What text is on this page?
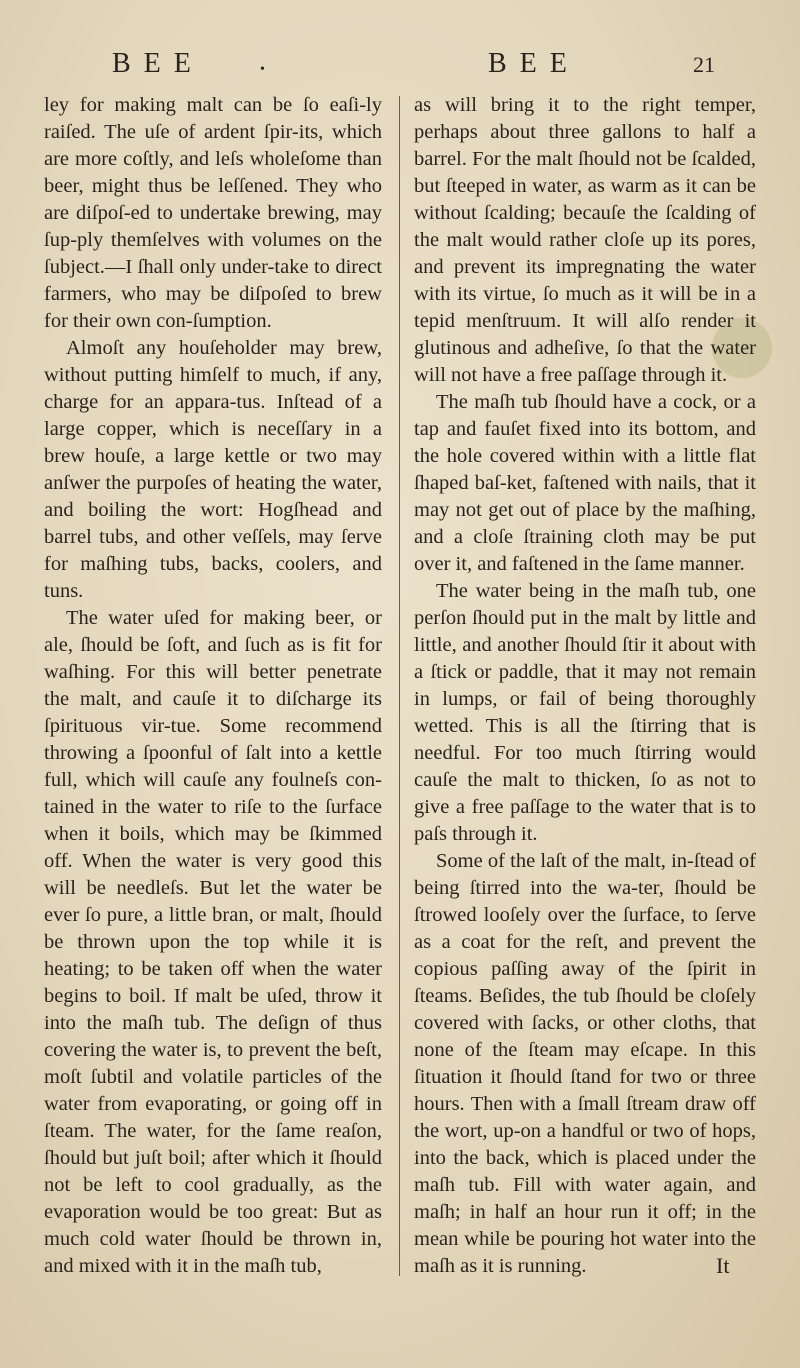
B E E	•	B E E	21

ley for making malt can be ſo eaſi-ly raiſed. The uſe of ardent ſpir-its, which are more coſtly, and leſs wholeſome than beer, might thus be leſſened. They who are diſpoſ-ed to undertake brewing, may ſup-ply themſelves with volumes on the ſubject.—I ſhall only under-take to direct farmers, who may be diſpoſed to brew for their own con-ſumption.

Almoſt any houſeholder may brew, without putting himſelf to much, if any, charge for an appara-tus. Inſtead of a large copper, which is neceſſary in a brew houſe, a large kettle or two may anſwer the purpoſes of heating the water, and boiling the wort: Hogſhead and barrel tubs, and other veſſels, may ſerve for maſhing tubs, backs, coolers, and tuns.

The water uſed for making beer, or ale, ſhould be ſoft, and ſuch as is fit for waſhing. For this will better penetrate the malt, and cauſe it to diſcharge its ſpirituous vir-tue. Some recommend throwing a ſpoonful of ſalt into a kettle full, which will cauſe any foulneſs con-tained in the water to riſe to the ſurface when it boils, which may be ſkimmed off. When the water is very good this will be needleſs. But let the water be ever ſo pure, a little bran, or malt, ſhould be thrown upon the top while it is heating; to be taken off when the water begins to boil. If malt be uſed, throw it into the maſh tub. The deſign of thus covering the water is, to prevent the beſt, moſt ſubtil and volatile particles of the water from evaporating, or going off in ſteam. The water, for the ſame reaſon, ſhould but juſt boil; after which it ſhould not be left to cool gradually, as the evaporation would be too great: But as much cold water ſhould be thrown in, and mixed with it in the maſh tub,

as will bring it to the right temper, perhaps about three gallons to half a barrel. For the malt ſhould not be ſcalded, but ſteeped in water, as warm as it can be without ſcalding; becauſe the ſcalding of the malt would rather cloſe up its pores, and prevent its impregnating the water with its virtue, ſo much as it will be in a tepid menſtruum. It will alſo render it glutinous and adheſive, ſo that the water will not have a free paſſage through it.

The maſh tub ſhould have a cock, or a tap and fauſet fixed into its bottom, and the hole covered within with a little flat ſhaped baſ-ket, faſtened with nails, that it may not get out of place by the maſhing, and a cloſe ſtraining cloth may be put over it, and faſtened in the ſame manner.

The water being in the maſh tub, one perſon ſhould put in the malt by little and little, and another ſhould ſtir it about with a ſtick or paddle, that it may not remain in lumps, or fail of being thoroughly wetted. This is all the ſtirring that is needful. For too much ſtirring would cauſe the malt to thicken, ſo as not to give a free paſſage to the water that is to paſs through it.

Some of the laſt of the malt, in-ſtead of being ſtirred into the wa-ter, ſhould be ſtrowed looſely over the ſurface, to ſerve as a coat for the reſt, and prevent the copious paſſing away of the ſpirit in ſteams. Beſides, the tub ſhould be cloſely covered with ſacks, or other cloths, that none of the ſteam may eſcape. In this ſituation it ſhould ſtand for two or three hours. Then with a ſmall ſtream draw off the wort, up-on a handful or two of hops, into the back, which is placed under the maſh tub. Fill with water again, and maſh; in half an hour run it off; in the mean while be pouring hot water into the maſh as it is running.	It
